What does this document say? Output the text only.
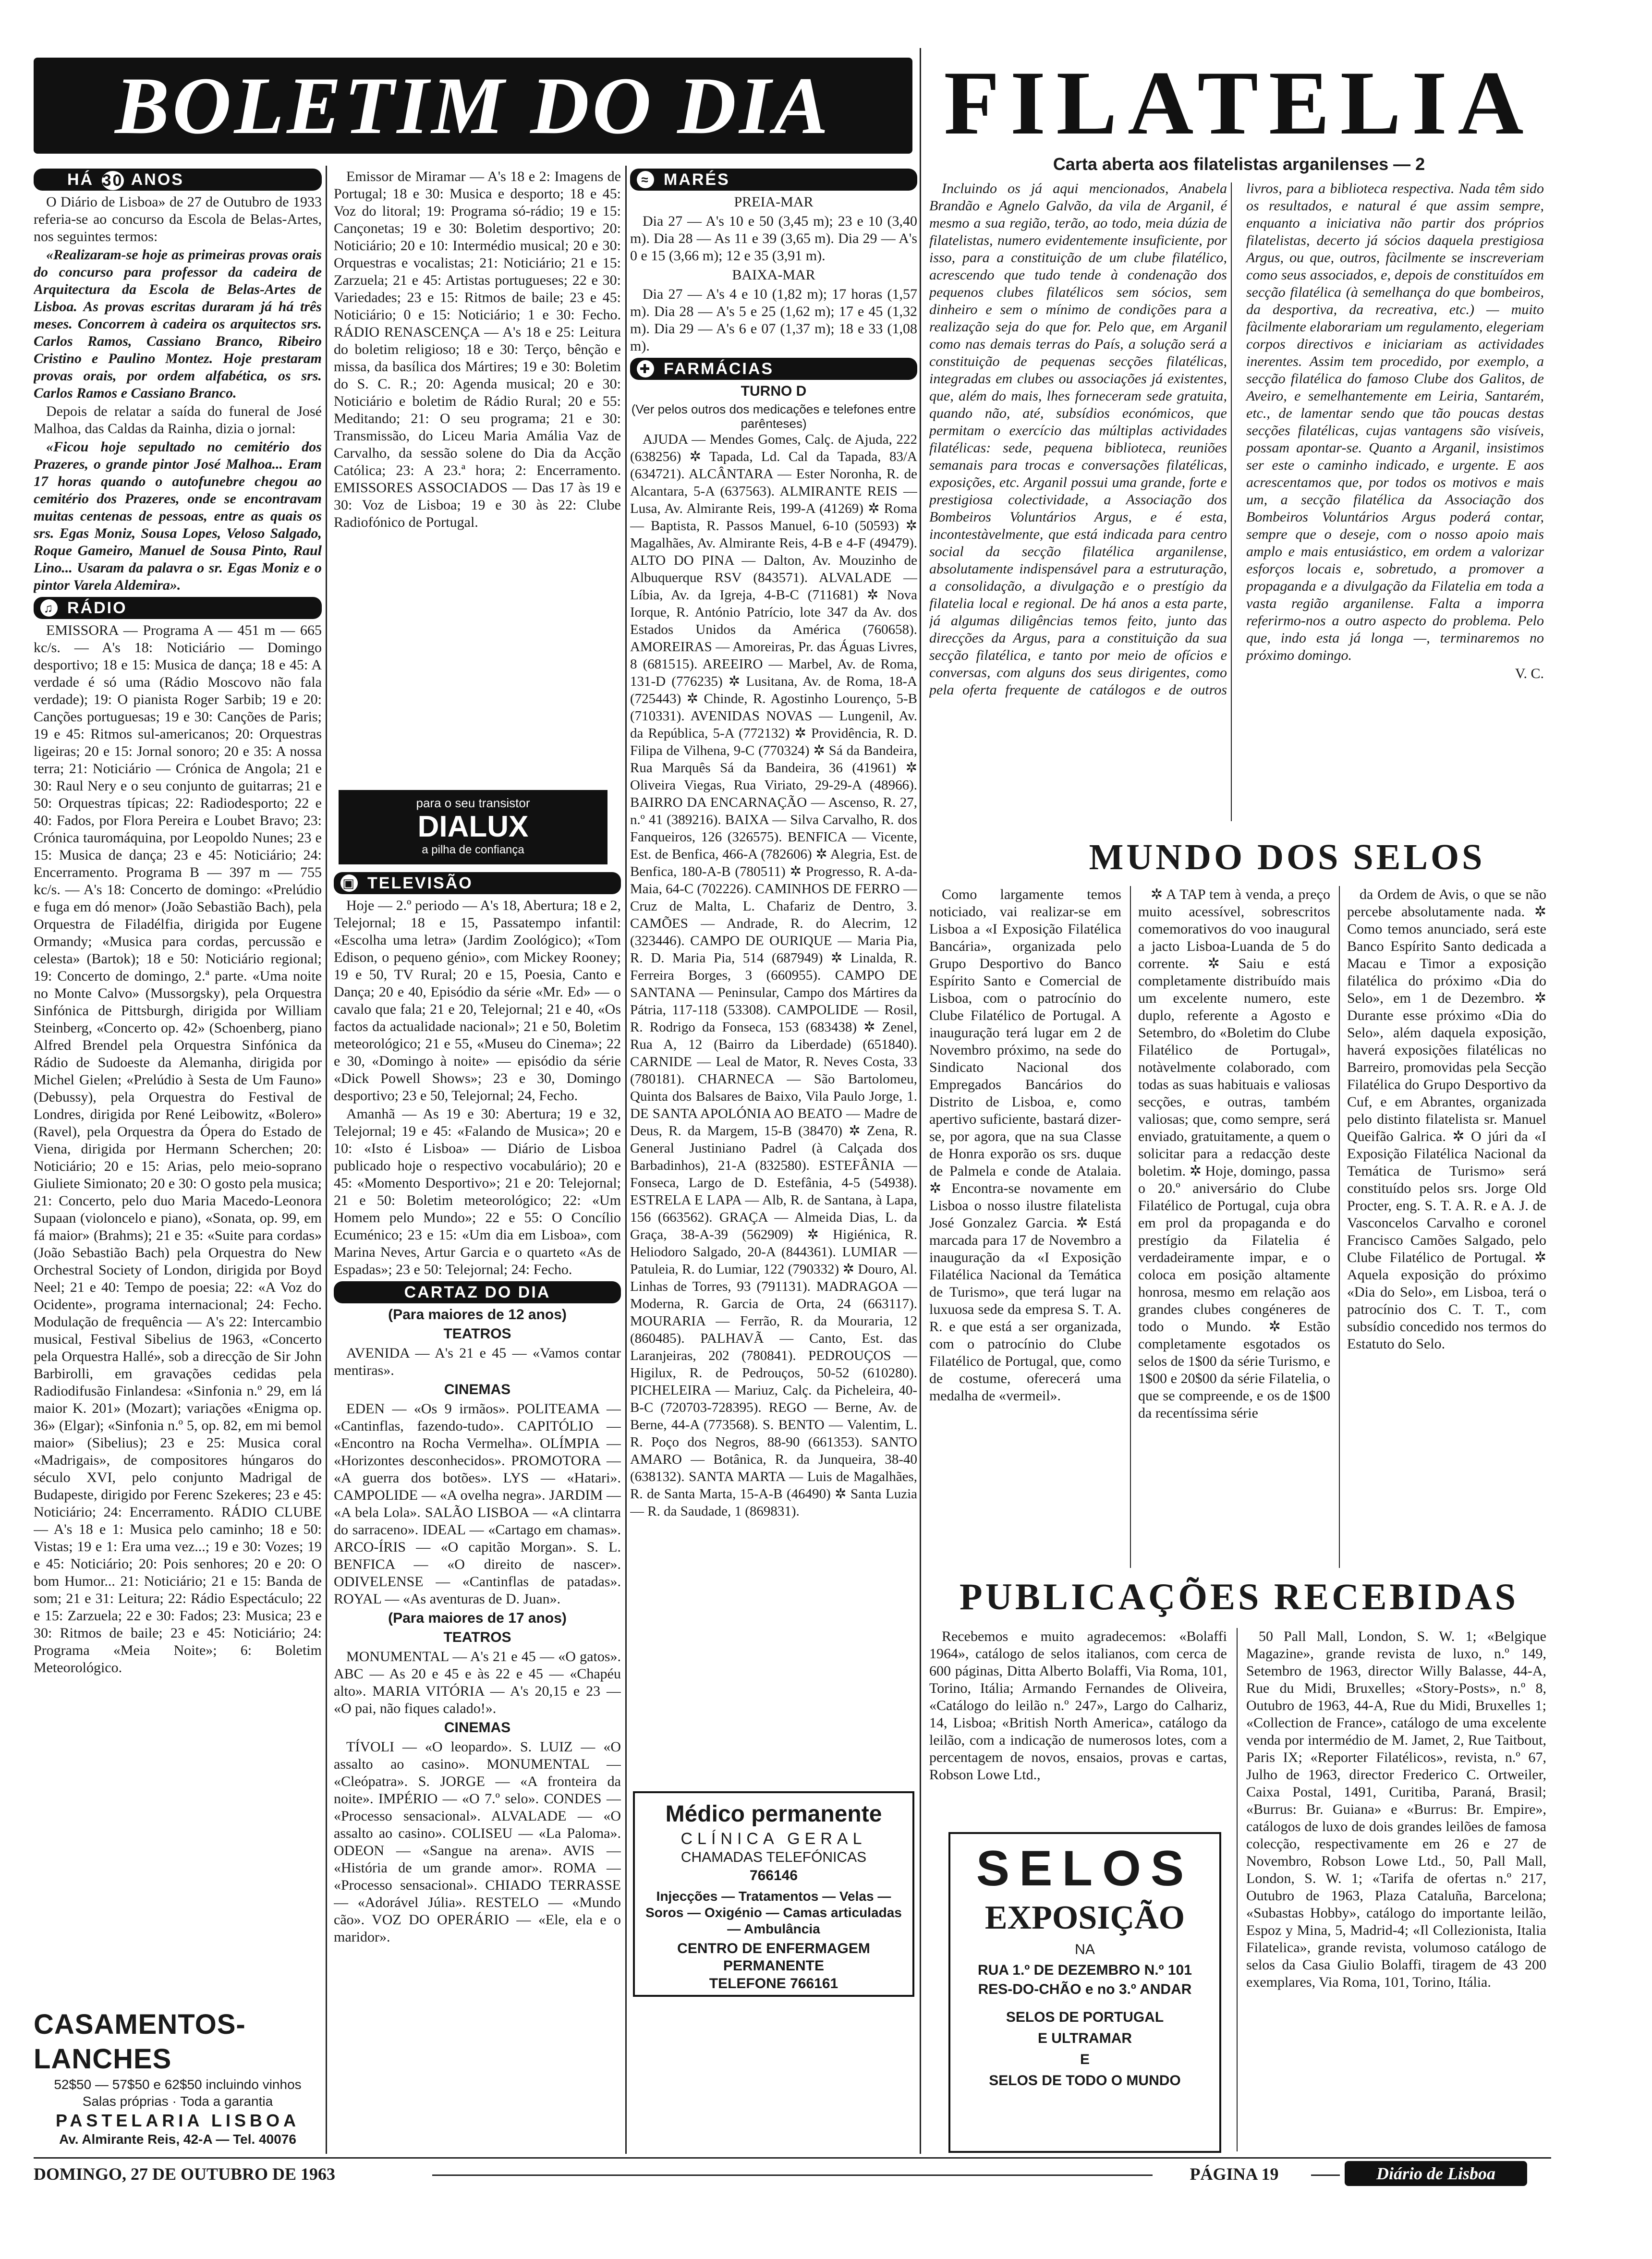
BOLETIM DO DIA	FILATELIA
Carta aberta aos filatelistas arganilenses — 2
HÁ 30 ANOS

O Diário de Lisboa» de 27 de Outubro de 1933 referia-se ao concurso da Escola de Belas-Artes, nos seguintes termos:

«Realizaram-se hoje as primeiras provas orais do concurso para professor da cadeira de Arquitectura da Escola de Belas-Artes de Lisboa. As provas escritas duraram já há três meses. Concorrem à cadeira os arquitectos srs. Carlos Ramos, Cassiano Branco, Ribeiro Cristino e Paulino Montez. Hoje prestaram provas orais, por ordem alfabética, os srs. Carlos Ramos e Cassiano Branco.

Depois de relatar a saída do funeral de José Malhoa, das Caldas da Rainha, dizia o jornal:

«Ficou hoje sepultado no cemitério dos Prazeres, o grande pintor José Malhoa... Eram 17 horas quando o autofunebre chegou ao cemitério dos Prazeres, onde se encontravam muitas centenas de pessoas, entre as quais os srs. Egas Moniz, Sousa Lopes, Veloso Salgado, Roque Gameiro, Manuel de Sousa Pinto, Raul Lino... Usaram da palavra o sr. Egas Moniz e o pintor Varela Aldemira».

♫ RÁDIO

EMISSORA — Programa A — 451 m — 665 kc/s. — A's 18: Noticiário — Domingo desportivo; 18 e 15: Musica de dança; 18 e 45: A verdade é só uma (Rádio Moscovo não fala verdade); 19: O pianista Roger Sarbib; 19 e 20: Canções portuguesas; 19 e 30: Canções de Paris; 19 e 45: Ritmos sul-americanos; 20: Orquestras ligeiras; 20 e 15: Jornal sonoro; 20 e 35: A nossa terra; 21: Noticiário — Crónica de Angola; 21 e 30: Raul Nery e o seu conjunto de guitarras; 21 e 50: Orquestras típicas; 22: Radiodesporto; 22 e 40: Fados, por Flora Pereira e Loubet Bravo; 23: Crónica tauromáquina, por Leopoldo Nunes; 23 e 15: Musica de dança; 23 e 45: Noticiário; 24: Encerramento. Programa B — 397 m — 755 kc/s. — A's 18: Concerto de domingo: «Prelúdio e fuga em dó menor» (João Sebastião Bach), pela Orquestra de Filadélfia, dirigida por Eugene Ormandy; «Musica para cordas, percussão e celesta» (Bartok); 18 e 50: Noticiário regional; 19: Concerto de domingo, 2.ª parte. «Uma noite no Monte Calvo» (Mussorgsky), pela Orquestra Sinfónica de Pittsburgh, dirigida por William Steinberg, «Concerto op. 42» (Schoenberg, piano Alfred Brendel pela Orquestra Sinfónica da Rádio de Sudoeste da Alemanha, dirigida por Michel Gielen; «Prelúdio à Sesta de Um Fauno» (Debussy), pela Orquestra do Festival de Londres, dirigida por René Leibowitz, «Bolero» (Ravel), pela Orquestra da Ópera do Estado de Viena, dirigida por Hermann Scherchen; 20: Noticiário; 20 e 15: Arias, pelo meio-soprano Giuliete Simionato; 20 e 30: O gosto pela musica; 21: Concerto, pelo duo Maria Macedo-Leonora Supaan (violoncelo e piano), «Sonata, op. 99, em fá maior» (Brahms); 21 e 35: «Suite para cordas» (João Sebastião Bach) pela Orquestra do New Orchestral Society of London, dirigida por Boyd Neel; 21 e 40: Tempo de poesia; 22: «A Voz do Ocidente», programa internacional; 24: Fecho. Modulação de frequência — A's 22: Intercambio musical, Festival Sibelius de 1963, «Concerto pela Orquestra Hallé», sob a direcção de Sir John Barbirolli, em gravações cedidas pela Radiodifusão Finlandesa: «Sinfonia n.º 29, em lá maior K. 201» (Mozart); variações «Enigma op. 36» (Elgar); «Sinfonia n.º 5, op. 82, em mi bemol maior» (Sibelius); 23 e 25: Musica coral «Madrigais», de compositores húngaros do século XVI, pelo conjunto Madrigal de Budapeste, dirigido por Ferenc Szekeres; 23 e 45: Noticiário; 24: Encerramento. RÁDIO CLUBE — A's 18 e 1: Musica pelo caminho; 18 e 50: Vistas; 19 e 1: Era uma vez...; 19 e 30: Vozes; 19 e 45: Noticiário; 20: Pois senhores; 20 e 20: O bom Humor... 21: Noticiário; 21 e 15: Banda de som; 21 e 31: Leitura; 22: Rádio Espectáculo; 22 e 15: Zarzuela; 22 e 30: Fados; 23: Musica; 23 e 30: Ritmos de baile; 23 e 45: Noticiário; 24: Programa «Meia Noite»; 6: Boletim Meteorológico.

CASAMENTOS-LANCHES
52$50 — 57$50 e 62$50 incluindo vinhos
Salas próprias · Toda a garantia
PASTELARIA LISBOA
Av. Almirante Reis, 42-A — Tel. 40076

Emissor de Miramar — A's 18 e 2: Imagens de Portugal; 18 e 30: Musica e desporto; 18 e 45: Voz do litoral; 19: Programa só-rádio; 19 e 15: Cançonetas; 19 e 30: Boletim desportivo; 20: Noticiário; 20 e 10: Intermédio musical; 20 e 30: Orquestras e vocalistas; 21: Noticiário; 21 e 15: Zarzuela; 21 e 45: Artistas portugueses; 22 e 30: Variedades; 23 e 15: Ritmos de baile; 23 e 45: Noticiário; 0 e 15: Noticiário; 1 e 30: Fecho. RÁDIO RENASCENÇA — A's 18 e 25: Leitura do boletim religioso; 18 e 30: Terço, bênção e missa, da basílica dos Mártires; 19 e 30: Boletim do S. C. R.; 20: Agenda musical; 20 e 30: Noticiário e boletim de Rádio Rural; 20 e 55: Meditando; 21: O seu programa; 21 e 30: Transmissão, do Liceu Maria Amália Vaz de Carvalho, da sessão solene do Dia da Acção Católica; 23: A 23.ª hora; 2: Encerramento. EMISSORES ASSOCIADOS — Das 17 às 19 e 30: Voz de Lisboa; 19 e 30 às 22: Clube Radiofónico de Portugal.

para o seu transistor
DIALUX
a pilha de confiança
▣ TELEVISÃO

Hoje — 2.º periodo — A's 18, Abertura; 18 e 2, Telejornal; 18 e 15, Passatempo infantil: «Escolha uma letra» (Jardim Zoológico); «Tom Edison, o pequeno génio», com Mickey Rooney; 19 e 50, TV Rural; 20 e 15, Poesia, Canto e Dança; 20 e 40, Episódio da série «Mr. Ed» — o cavalo que fala; 21 e 20, Telejornal; 21 e 40, «Os factos da actualidade nacional»; 21 e 50, Boletim meteorológico; 21 e 55, «Museu do Cinema»; 22 e 30, «Domingo à noite» — episódio da série «Dick Powell Shows»; 23 e 30, Domingo desportivo; 23 e 50, Telejornal; 24, Fecho.

Amanhã — As 19 e 30: Abertura; 19 e 32, Telejornal; 19 e 45: «Falando de Musica»; 20 e 10: «Isto é Lisboa» — Diário de Lisboa publicado hoje o respectivo vocabulário); 20 e 45: «Momento Desportivo»; 21 e 20: Telejornal; 21 e 50: Boletim meteorológico; 22: «Um Homem pelo Mundo»; 22 e 55: O Concílio Ecuménico; 23 e 15: «Um dia em Lisboa», com Marina Neves, Artur Garcia e o quarteto «As de Espadas»; 23 e 50: Telejornal; 24: Fecho.

CARTAZ DO DIA
(Para maiores de 12 anos)
TEATROS

AVENIDA — A's 21 e 45 — «Vamos contar mentiras».

CINEMAS

EDEN — «Os 9 irmãos». POLITEAMA — «Cantinflas, fazendo-tudo». CAPITÓLIO — «Encontro na Rocha Vermelha». OLÍMPIA — «Horizontes desconhecidos». PROMOTORA — «A guerra dos botões». LYS — «Hatari». CAMPOLIDE — «A ovelha negra». JARDIM — «A bela Lola». SALÃO LISBOA — «A clintarra do sarraceno». IDEAL — «Cartago em chamas». ARCO-ÍRIS — «O capitão Morgan». S. L. BENFICA — «O direito de nascer». ODIVELENSE — «Cantinflas de patadas». ROYAL — «As aventuras de D. Juan».

(Para maiores de 17 anos)
TEATROS

MONUMENTAL — A's 21 e 45 — «O gatos». ABC — As 20 e 45 e às 22 e 45 — «Chapéu alto». MARIA VITÓRIA — A's 20,15 e 23 — «O pai, não fiques calado!».

CINEMAS

TÍVOLI — «O leopardo». S. LUIZ — «O assalto ao casino». MONUMENTAL — «Cleópatra». S. JORGE — «A fronteira da noite». IMPÉRIO — «O 7.º selo». CONDES — «Processo sensacional». ALVALADE — «O assalto ao casino». COLISEU — «La Paloma». ODEON — «Sangue na arena». AVIS — «História de um grande amor». ROMA — «Processo sensacional». CHIADO TERRASSE — «Adorável Júlia». RESTELO — «Mundo cão». VOZ DO OPERÁRIO — «Ele, ela e o maridor».

≈ MARÉS
PREIA-MAR

Dia 27 — A's 10 e 50 (3,45 m); 23 e 10 (3,40 m). Dia 28 — As 11 e 39 (3,65 m). Dia 29 — A's 0 e 15 (3,66 m); 12 e 35 (3,91 m).

BAIXA-MAR

Dia 27 — A's 4 e 10 (1,82 m); 17 horas (1,57 m). Dia 28 — A's 5 e 25 (1,62 m); 17 e 45 (1,32 m). Dia 29 — A's 6 e 07 (1,37 m); 18 e 33 (1,08 m).

✚ FARMÁCIAS
TURNO D
(Ver pelos outros dos medicações e telefones entre parênteses)

AJUDA — Mendes Gomes, Calç. de Ajuda, 222 (638256) ✲ Tapada, Ld. Cal da Tapada, 83/A (634721). ALCÂNTARA — Ester Noronha, R. de Alcantara, 5-A (637563). ALMIRANTE REIS — Lusa, Av. Almirante Reis, 199-A (41269) ✲ Roma — Baptista, R. Passos Manuel, 6-10 (50593) ✲ Magalhães, Av. Almirante Reis, 4-B e 4-F (49479). ALTO DO PINA — Dalton, Av. Mouzinho de Albuquerque RSV (843571). ALVALADE — Líbia, Av. da Igreja, 4-B-C (711681) ✲ Nova Iorque, R. António Patrício, lote 347 da Av. dos Estados Unidos da América (760658). AMOREIRAS — Amoreiras, Pr. das Águas Livres, 8 (681515). AREEIRO — Marbel, Av. de Roma, 131-D (776235) ✲ Lusitana, Av. de Roma, 18-A (725443) ✲ Chinde, R. Agostinho Lourenço, 5-B (710331). AVENIDAS NOVAS — Lungenil, Av. da República, 5-A (772132) ✲ Providência, R. D. Filipa de Vilhena, 9-C (770324) ✲ Sá da Bandeira, Rua Marquês Sá da Bandeira, 36 (41961) ✲ Oliveira Viegas, Rua Viriato, 29-29-A (48966). BAIRRO DA ENCARNAÇÃO — Ascenso, R. 27, n.º 41 (389216). BAIXA — Silva Carvalho, R. dos Fanqueiros, 126 (326575). BENFICA — Vicente, Est. de Benfica, 466-A (782606) ✲ Alegria, Est. de Benfica, 180-A-B (780511) ✲ Progresso, R. A-da-Maia, 64-C (702226). CAMINHOS DE FERRO — Cruz de Malta, L. Chafariz de Dentro, 3. CAMÕES — Andrade, R. do Alecrim, 12 (323446). CAMPO DE OURIQUE — Maria Pia, R. D. Maria Pia, 514 (687949) ✲ Linalda, R. Ferreira Borges, 3 (660955). CAMPO DE SANTANA — Peninsular, Campo dos Mártires da Pátria, 117-118 (53308). CAMPOLIDE — Rosil, R. Rodrigo da Fonseca, 153 (683438) ✲ Zenel, Rua A, 12 (Bairro da Liberdade) (651840). CARNIDE — Leal de Mator, R. Neves Costa, 33 (780181). CHARNECA — São Bartolomeu, Quinta dos Balsares de Baixo, Vila Paulo Jorge, 1. DE SANTA APOLÓNIA AO BEATO — Madre de Deus, R. da Margem, 15-B (38470) ✲ Zena, R. General Justiniano Padrel (à Calçada dos Barbadinhos), 21-A (832580). ESTEFÂNIA — Fonseca, Largo de D. Estefânia, 4-5 (54938). ESTRELA E LAPA — Alb, R. de Santana, à Lapa, 156 (663562). GRAÇA — Almeida Dias, L. da Graça, 38-A-39 (562909) ✲ Higiénica, R. Heliodoro Salgado, 20-A (844361). LUMIAR — Patuleia, R. do Lumiar, 122 (790332) ✲ Douro, Al. Linhas de Torres, 93 (791131). MADRAGOA — Moderna, R. Garcia de Orta, 24 (663117). MOURARIA — Ferrão, R. da Mouraria, 12 (860485). PALHAVÃ — Canto, Est. das Laranjeiras, 202 (780841). PEDROUÇOS — Higilux, R. de Pedrouços, 50-52 (610280). PICHELEIRA — Mariuz, Calç. da Picheleira, 40-B-C (720703-728395). REGO — Berne, Av. de Berne, 44-A (773568). S. BENTO — Valentim, L. R. Poço dos Negros, 88-90 (661353). SANTO AMARO — Botânica, R. da Junqueira, 38-40 (638132). SANTA MARTA — Luis de Magalhães, R. de Santa Marta, 15-A-B (46490) ✲ Santa Luzia — R. da Saudade, 1 (869831).

Médico permanente
CLÍNICA GERAL
CHAMADAS TELEFÓNICAS
766146
Injecções — Tratamentos — Velas — Soros — Oxigénio — Camas articuladas — Ambulância
CENTRO DE ENFERMAGEM PERMANENTE
TELEFONE 766161

Incluindo os já aqui mencionados, Anabela Brandão e Agnelo Galvão, da vila de Arganil, é mesmo a sua região, terão, ao todo, meia dúzia de filatelistas, numero evidentemente insuficiente, por isso, para a constituição de um clube filatélico, acrescendo que tudo tende à condenação dos pequenos clubes filatélicos sem sócios, sem dinheiro e sem o mínimo de condições para a realização seja do que for. Pelo que, em Arganil como nas demais terras do País, a solução será a constituição de pequenas secções filatélicas, integradas em clubes ou associações já existentes, que, além do mais, lhes forneceram sede gratuita, quando não, até, subsídios económicos, que permitam o exercício das múltiplas actividades filatélicas: sede, pequena biblioteca, reuniões semanais para trocas e conversações filatélicas, exposições, etc. Arganil possui uma grande, forte e prestigiosa colectividade, a Associação dos Bombeiros Voluntários Argus, e é esta, incontestàvelmente, que está indicada para centro social da secção filatélica arganilense, absolutamente indispensável para a estruturação, a consolidação, a divulgação e o prestígio da filatelia local e regional. De há anos a esta parte, já algumas diligências temos feito, junto das direcções da Argus, para a constituição da sua secção filatélica, e tanto por meio de ofícios e conversas, com alguns dos seus dirigentes, como pela oferta frequente de catálogos e de outros livros, para a biblioteca respectiva. Nada têm sido os resultados, e natural é que assim sempre, enquanto a iniciativa não partir dos próprios filatelistas, decerto já sócios daquela prestigiosa Argus, ou que, outros, fàcilmente se inscreveriam como seus associados, e, depois de constituídos em secção filatélica (à semelhança do que bombeiros, da desportiva, da recreativa, etc.) — muito fàcilmente elaborariam um regulamento, elegeriam corpos directivos e iniciariam as actividades inerentes. Assim tem procedido, por exemplo, a secção filatélica do famoso Clube dos Galitos, de Aveiro, e semelhantemente em Leiria, Santarém, etc., de lamentar sendo que tão poucas destas secções filatélicas, cujas vantagens são visíveis, possam apontar-se. Quanto a Arganil, insistimos ser este o caminho indicado, e urgente. E aos acrescentamos que, por todos os motivos e mais um, a secção filatélica da Associação dos Bombeiros Voluntários Argus poderá contar, sempre que o deseje, com o nosso apoio mais amplo e mais entusiástico, em ordem a valorizar esforços locais e, sobretudo, a promover a propaganda e a divulgação da Filatelia em toda a vasta região arganilense. Falta a imporra referirmo-nos a outro aspecto do problema. Pelo que, indo esta já longa —, terminaremos no próximo domingo.

V. C.

MUNDO DOS SELOS

Como largamente temos noticiado, vai realizar-se em Lisboa a «I Exposição Filatélica Bancária», organizada pelo Grupo Desportivo do Banco Espírito Santo e Comercial de Lisboa, com o patrocínio do Clube Filatélico de Portugal. A inauguração terá lugar em 2 de Novembro próximo, na sede do Sindicato Nacional dos Empregados Bancários do Distrito de Lisboa, e, como apertivo suficiente, bastará dizer-se, por agora, que na sua Classe de Honra exporão os srs. duque de Palmela e conde de Atalaia. ✲ Encontra-se novamente em Lisboa o nosso ilustre filatelista José Gonzalez Garcia. ✲ Está marcada para 17 de Novembro a inauguração da «I Exposição Filatélica Nacional da Temática de Turismo», que terá lugar na luxuosa sede da empresa S. T. A. R. e que está a ser organizada, com o patrocínio do Clube Filatélico de Portugal, que, como de costume, oferecerá uma medalha de «vermeil».

✲ A TAP tem à venda, a preço muito acessível, sobrescritos comemorativos do voo inaugural a jacto Lisboa-Luanda de 5 do corrente. ✲ Saiu e está completamente distribuído mais um excelente numero, este duplo, referente a Agosto e Setembro, do «Boletim do Clube Filatélico de Portugal», notàvelmente colaborado, com todas as suas habituais e valiosas secções, e outras, também valiosas; que, como sempre, será enviado, gratuitamente, a quem o solicitar para a redacção deste boletim. ✲ Hoje, domingo, passa o 20.º aniversário do Clube Filatélico de Portugal, cuja obra em prol da propaganda e do prestígio da Filatelia é verdadeiramente impar, e o coloca em posição altamente honrosa, mesmo em relação aos grandes clubes congéneres de todo o Mundo. ✲ Estão completamente esgotados os selos de 1$00 da série Turismo, e 1$00 e 20$00 da série Filatelia, o que se compreende, e os de 1$00 da recentíssima série

da Ordem de Avis, o que se não percebe absolutamente nada. ✲ Como temos anunciado, será este Banco Espírito Santo dedicada a Macau e Timor a exposição filatélica do próximo «Dia do Selo», em 1 de Dezembro. ✲ Durante esse próximo «Dia do Selo», além daquela exposição, haverá exposições filatélicas no Barreiro, promovidas pela Secção Filatélica do Grupo Desportivo da Cuf, e em Abrantes, organizada pelo distinto filatelista sr. Manuel Queifão Galrica. ✲ O júri da «I Exposição Filatélica Nacional da Temática de Turismo» será constituído pelos srs. Jorge Old Procter, eng. S. T. A. R. e A. J. de Vasconcelos Carvalho e coronel Francisco Camões Salgado, pelo Clube Filatélico de Portugal. ✲ Aquela exposição do próximo «Dia do Selo», em Lisboa, terá o patrocínio dos C. T. T., com subsídio concedido nos termos do Estatuto do Selo.

PUBLICAÇÕES RECEBIDAS

Recebemos e muito agradecemos: «Bolaffi 1964», catálogo de selos italianos, com cerca de 600 páginas, Ditta Alberto Bolaffi, Via Roma, 101, Torino, Itália; Armando Fernandes de Oliveira, «Catálogo do leilão n.º 247», Largo do Calhariz, 14, Lisboa; «British North America», catálogo da leilão, com a indicação de numerosos lotes, com a percentagem de novos, ensaios, provas e cartas, Robson Lowe Ltd.,

50 Pall Mall, London, S. W. 1; «Belgique Magazine», grande revista de luxo, n.º 149, Setembro de 1963, director Willy Balasse, 44-A, Rue du Midi, Bruxelles; «Story-Posts», n.º 8, Outubro de 1963, 44-A, Rue du Midi, Bruxelles 1; «Collection de France», catálogo de uma excelente venda por intermédio de M. Jamet, 2, Rue Taitbout, Paris IX; «Reporter Filatélicos», revista, n.º 67, Julho de 1963, director Frederico C. Ortweiler, Caixa Postal, 1491, Curitiba, Paraná, Brasil; «Burrus: Br. Guiana» e «Burrus: Br. Empire», catálogos de luxo de dois grandes leilões de famosa colecção, respectivamente em 26 e 27 de Novembro, Robson Lowe Ltd., 50, Pall Mall, London, S. W. 1; «Tarifa de ofertas n.º 217, Outubro de 1963, Plaza Cataluña, Barcelona; «Subastas Hobby», catálogo do importante leilão, Espoz y Mina, 5, Madrid-4; «Il Collezionista, Italia Filatelica», grande revista, volumoso catálogo de selos da Casa Giulio Bolaffi, tiragem de 43 200 exemplares, Via Roma, 101, Torino, Itália.

SELOS
EXPOSIÇÃO
NA
RUA 1.º DE DEZEMBRO N.º 101
RES-DO-CHÃO e no 3.º ANDAR
SELOS DE PORTUGAL
E ULTRAMAR
E
SELOS DE TODO O MUNDO
DOMINGO, 27 DE OUTUBRO DE 1963	PÁGINA 19	Diário de Lisboa
